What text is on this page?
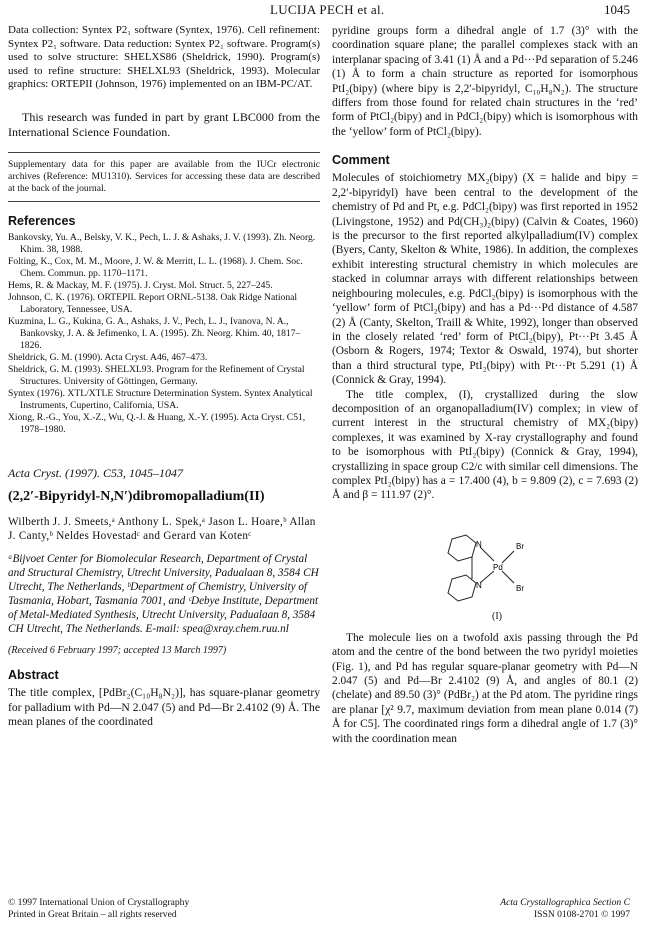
LUCIJA PECH et al.	1045

Data collection: Syntex P2₁ software (Syntex, 1976). Cell refinement: Syntex P2₁ software. Data reduction: Syntex P2₁ software. Program(s) used to solve structure: SHELXS86 (Sheldrick, 1990). Program(s) used to refine structure: SHELXL93 (Sheldrick, 1993). Molecular graphics: ORTEPII (Johnson, 1976) implemented on an IBM-PC/AT.

This research was funded in part by grant LBC000 from the International Science Foundation.

Supplementary data for this paper are available from the IUCr electronic archives (Reference: MU1310). Services for accessing these data are described at the back of the journal.

References

Bankovsky, Yu. A., Belsky, V. K., Pech, L. J. & Ashaks, J. V. (1993). Zh. Neorg. Khim. 38, 1988.

Folting, K., Cox, M. M., Moore, J. W. & Merritt, L. L. (1968). J. Chem. Soc. Chem. Commun. pp. 1170–1171.

Hems, R. & Mackay, M. F. (1975). J. Cryst. Mol. Struct. 5, 227–245.

Johnson, C. K. (1976). ORTEPII. Report ORNL-5138. Oak Ridge National Laboratory, Tennessee, USA.

Kuzmina, L. G., Kukina, G. A., Ashaks, J. V., Pech, L. J., Ivanova, N. A., Bankovsky, J. A. & Jefimenko, I. A. (1995). Zh. Neorg. Khim. 40, 1817–1826.

Sheldrick, G. M. (1990). Acta Cryst. A46, 467–473.

Sheldrick, G. M. (1993). SHELXL93. Program for the Refinement of Crystal Structures. University of Göttingen, Germany.

Syntex (1976). XTL/XTLE Structure Determination System. Syntex Analytical Instruments, Cupertino, California, USA.

Xiong, R.-G., You, X.-Z., Wu, Q.-J. & Huang, X.-Y. (1995). Acta Cryst. C51, 1978–1980.

Acta Cryst. (1997). C53, 1045–1047

(2,2′-Bipyridyl-N,N′)dibromopalladium(II)

Wilberth J. J. Smeets,ᵃ Anthony L. Spek,ᵃ Jason L. Hoare,ᵇ Allan J. Canty,ᵇ Neldes Hovestadᶜ and Gerard van Kotenᶜ

ᵃBijvoet Center for Biomolecular Research, Department of Crystal and Structural Chemistry, Utrecht University, Padualaan 8, 3584 CH Utrecht, The Netherlands, ᵇDepartment of Chemistry, University of Tasmania, Hobart, Tasmania 7001, and ᶜDebye Institute, Department of Metal-Mediated Synthesis, Utrecht University, Padualaan 8, 3584 CH Utrecht, The Netherlands. E-mail: spea@xray.chem.ruu.nl

(Received 6 February 1997; accepted 13 March 1997)

Abstract

The title complex, [PdBr₂(C₁₀H₈N₂)], has square-planar geometry for palladium with Pd—N 2.047 (5) and Pd—Br 2.4102 (9) Å. The mean planes of the coordinated

pyridine groups form a dihedral angle of 1.7 (3)° with the coordination square plane; the parallel complexes stack with an interplanar spacing of 3.41 (1) Å and a Pd···Pd separation of 5.246 (1) Å to form a chain structure as reported for isomorphous PtI₂(bipy) (where bipy is 2,2′-bipyridyl, C₁₀H₈N₂). The structure differs from those found for related chain structures in the ‘red’ form of PtCl₂(bipy) and in PdCl₂(bipy) which is isomorphous with the ‘yellow’ form of PtCl₂(bipy).

Comment

Molecules of stoichiometry MX₂(bipy) (X = halide and bipy = 2,2′-bipyridyl) have been central to the development of the chemistry of Pd and Pt, e.g. PdCl₂(bipy) was first reported in 1952 (Livingstone, 1952) and Pd(CH₃)₂(bipy) (Calvin & Coates, 1960) is the precursor to the first reported alkylpalladium(IV) complex (Byers, Canty, Skelton & White, 1986). In addition, the complexes exhibit interesting structural chemistry in which molecules are stacked in columnar arrays with different relationships between neighbouring molecules, e.g. PdCl₂(bipy) is isomorphous with the ‘yellow’ form of PtCl₂(bipy) and has a Pd···Pd distance of 4.587 (2) Å (Canty, Skelton, Traill & White, 1992), longer than observed in the closely related ‘red’ form of PtCl₂(bipy), Pt···Pt 3.45 Å (Osborn & Rogers, 1974; Textor & Oswald, 1974), but shorter than a third structural type, PtI₂(bipy) with Pt···Pt 5.291 (1) Å (Connick & Gray, 1994).

The title complex, (I), crystallized during the slow decomposition of an organopalladium(IV) complex; in view of current interest in the structural chemistry of MX₂(bipy) complexes, it was examined by X-ray crystallography and found to be isomorphous with PtI₂(bipy) (Connick & Gray, 1994), crystallizing in space group C2/c with similar cell dimensions. The complex PtI₂(bipy) has a = 17.400 (4), b = 9.809 (2), c = 7.693 (2) Å and β = 111.97 (2)°.

The molecule lies on a twofold axis passing through the Pd atom and the centre of the bond between the two pyridyl moieties (Fig. 1), and Pd has regular square-planar geometry with Pd—N 2.047 (5) and Pd—Br 2.4102 (9) Å, and angles of 80.1 (2) (chelate) and 89.50 (3)° (PdBr₂) at the Pd atom. The pyridine rings are planar [χ² 9.7, maximum deviation from mean plane 0.014 (7) Å for C5]. The coordinated rings form a dihedral angle of 1.7 (3)° with the coordination mean

N
N
Pd
Br
Br
(I)
© 1997 International Union of Crystallography
Printed in Great Britain – all rights reserved
Acta Crystallographica Section C
ISSN 0108-2701 © 1997
